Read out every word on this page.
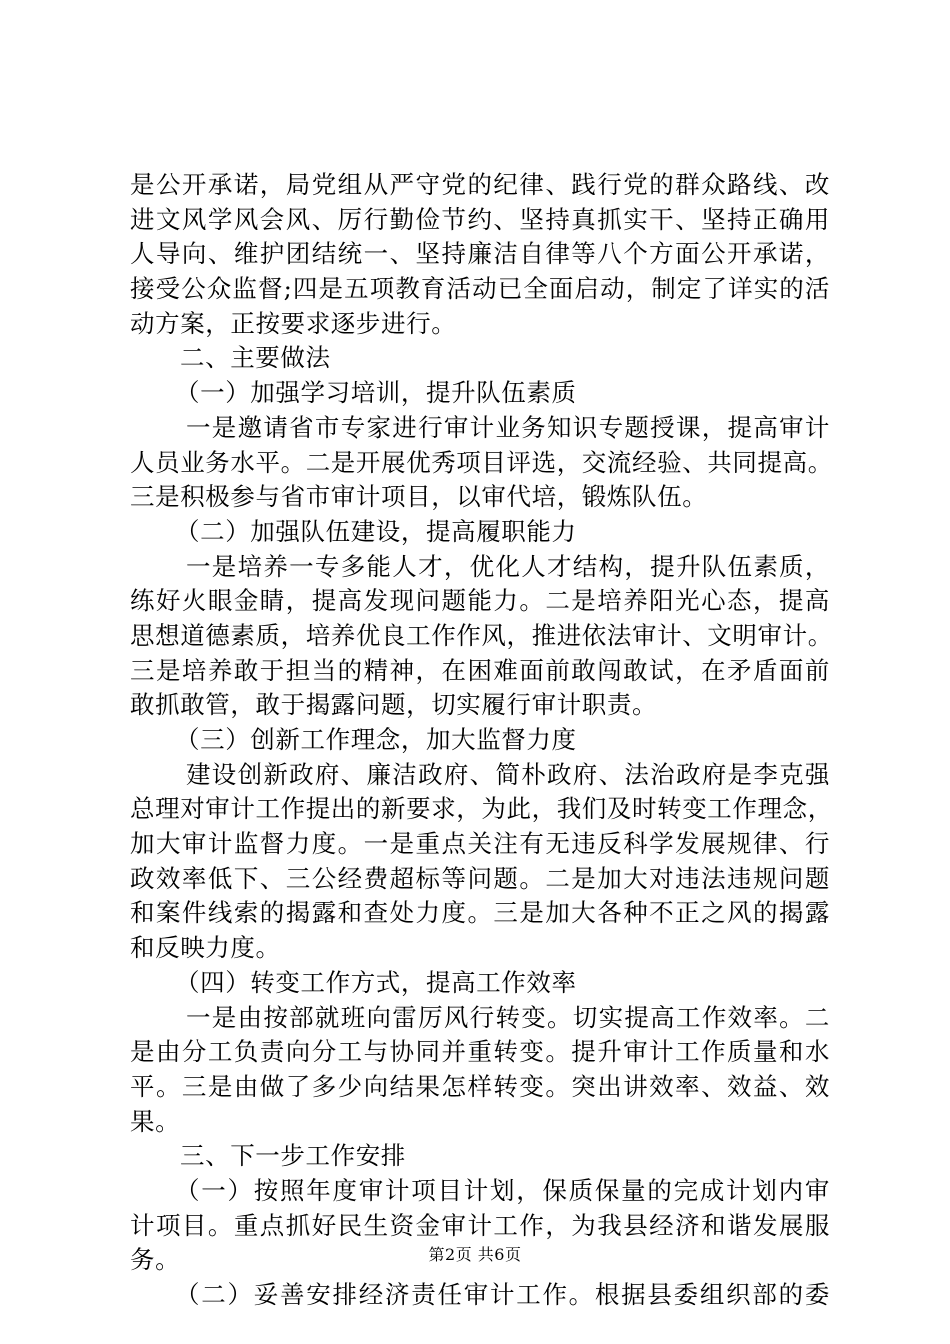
是公开承诺，局党组从严守党的纪律、践行党的群众路线、改
进文风学风会风、厉行勤俭节约、坚持真抓实干、坚持正确用
人导向、维护团结统一、坚持廉洁自律等八个方面公开承诺，
接受公众监督;四是五项教育活动已全面启动，制定了详实的活
动方案，正按要求逐步进行。
二、主要做法
（一）加强学习培训，提升队伍素质
一是邀请省市专家进行审计业务知识专题授课，提高审计
人员业务水平。二是开展优秀项目评选，交流经验、共同提高。
三是积极参与省市审计项目，以审代培，锻炼队伍。
（二）加强队伍建设，提高履职能力
一是培养一专多能人才，优化人才结构，提升队伍素质，
练好火眼金睛，提高发现问题能力。二是培养阳光心态，提高
思想道德素质，培养优良工作作风，推进依法审计、文明审计。
三是培养敢于担当的精神，在困难面前敢闯敢试，在矛盾面前
敢抓敢管，敢于揭露问题，切实履行审计职责。
（三）创新工作理念，加大监督力度
建设创新政府、廉洁政府、简朴政府、法治政府是李克强
总理对审计工作提出的新要求，为此，我们及时转变工作理念，
加大审计监督力度。一是重点关注有无违反科学发展规律、行
政效率低下、三公经费超标等问题。二是加大对违法违规问题
和案件线索的揭露和查处力度。三是加大各种不正之风的揭露
和反映力度。
（四）转变工作方式，提高工作效率
一是由按部就班向雷厉风行转变。切实提高工作效率。二
是由分工负责向分工与协同并重转变。提升审计工作质量和水
平。三是由做了多少向结果怎样转变。突出讲效率、效益、效
果。
三、下一步工作安排
（一）按照年度审计项目计划，保质保量的完成计划内审
计项目。重点抓好民生资金审计工作，为我县经济和谐发展服
务。
（二）妥善安排经济责任审计工作。根据县委组织部的委
第2页 共6页
